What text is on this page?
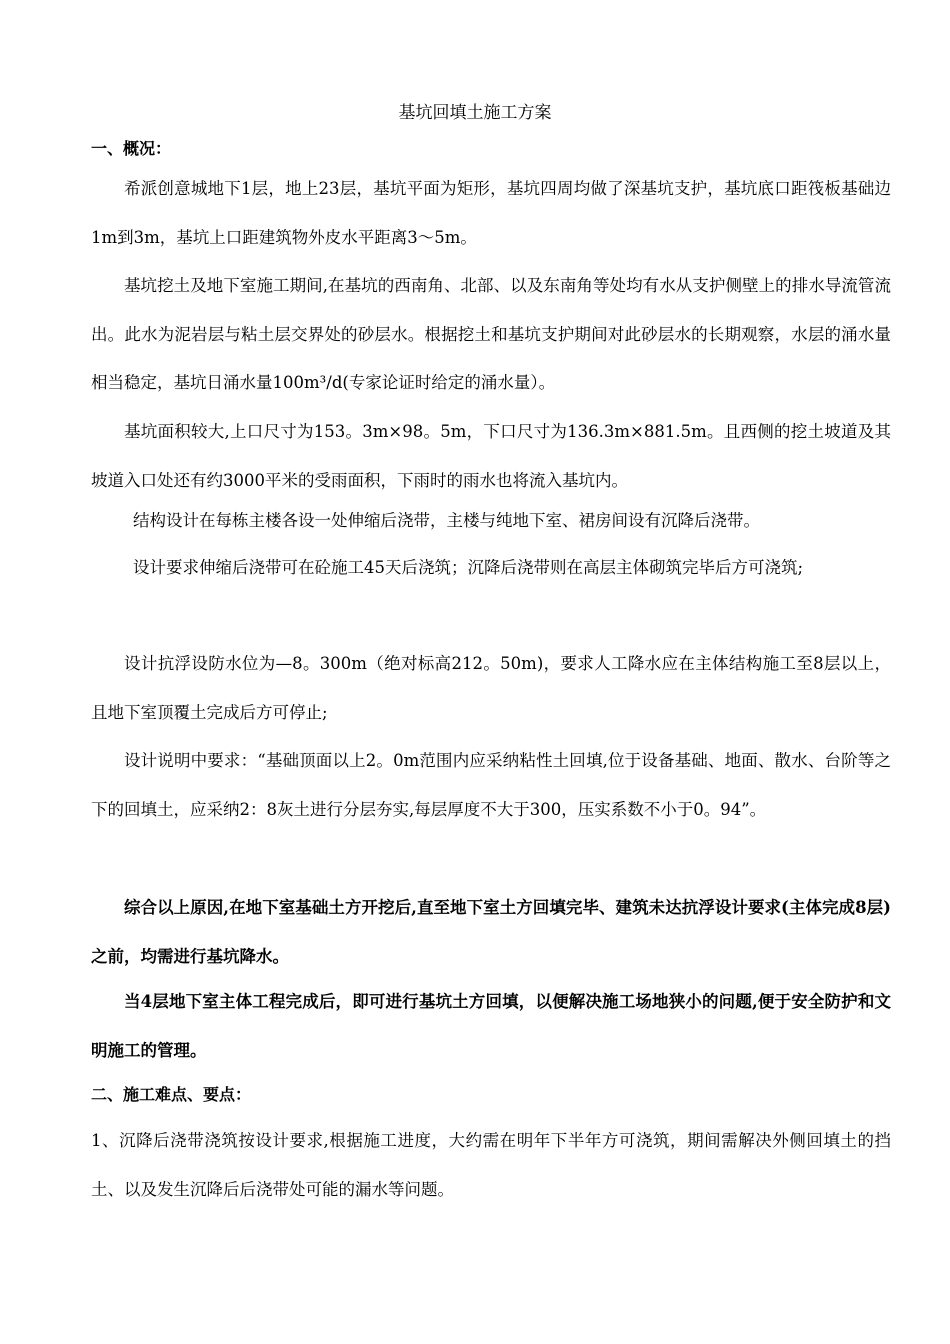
基坑回填土施工方案
一、概况：
希派创意城地下1层，地上23层，基坑平面为矩形，基坑四周均做了深基坑支护，基坑底口距筏板基础边1m到3m，基坑上口距建筑物外皮水平距离3～5m。
基坑挖土及地下室施工期间,在基坑的西南角、北部、以及东南角等处均有水从支护侧壁上的排水导流管流出。此水为泥岩层与粘土层交界处的砂层水。根据挖土和基坑支护期间对此砂层水的长期观察，水层的涌水量相当稳定，基坑日涌水量100m³/d(专家论证时给定的涌水量）。
基坑面积较大,上口尺寸为153。3m×98。5m，下口尺寸为136.3m×881.5m。且西侧的挖土坡道及其坡道入口处还有约3000平米的受雨面积，下雨时的雨水也将流入基坑内。
结构设计在每栋主楼各设一处伸缩后浇带，主楼与纯地下室、裙房间设有沉降后浇带。
设计要求伸缩后浇带可在砼施工45天后浇筑；沉降后浇带则在高层主体砌筑完毕后方可浇筑;
设计抗浮设防水位为—8。300m（绝对标高212。50m)，要求人工降水应在主体结构施工至8层以上，且地下室顶覆土完成后方可停止;
设计说明中要求：“基础顶面以上2。0m范围内应采纳粘性土回填,位于设备基础、地面、散水、台阶等之下的回填土，应采纳2：8灰土进行分层夯实,每层厚度不大于300，压实系数不小于0。94”。
综合以上原因,在地下室基础土方开挖后,直至地下室土方回填完毕、建筑未达抗浮设计要求(主体完成8层)之前，均需进行基坑降水。
当4层地下室主体工程完成后，即可进行基坑土方回填，以便解决施工场地狭小的问题,便于安全防护和文明施工的管理。
二、施工难点、要点：
1、沉降后浇带浇筑按设计要求,根据施工进度，大约需在明年下半年方可浇筑，期间需解决外侧回填土的挡土、以及发生沉降后后浇带处可能的漏水等问题。
